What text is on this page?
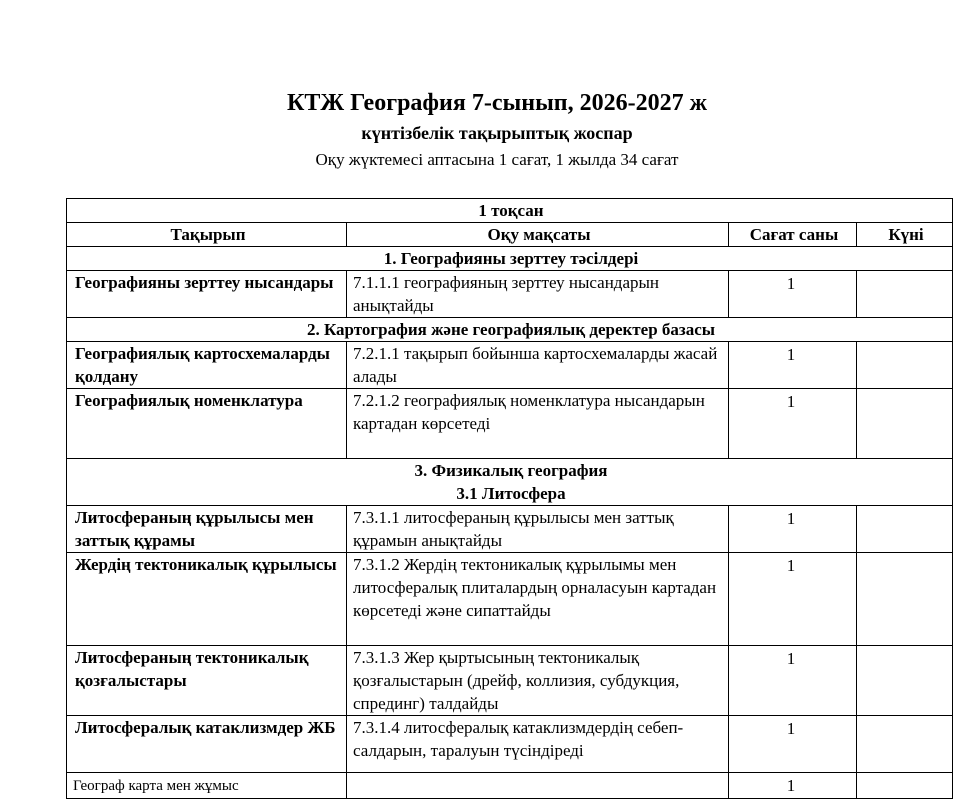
КТЖ География 7-сынып, 2026-2027 ж
күнтізбелік тақырыптық жоспар
Оқу жүктемесі аптасына 1 сағат, 1 жылда 34 сағат
1 тоқсан			
Тақырып	Оқу мақсаты	Сағат саны	Күні
1. Географияны зерттеу тәсілдері			
Географияны зерттеу нысандары	7.1.1.1 географияның зерттеу нысандарын анықтайды	1	
2. Картография және географиялық деректер базасы			
Географиялық картосхемаларды қолдану	7.2.1.1 тақырып бойынша картосхемаларды жасай алады	1	
Географиялық номенклатура	7.2.1.2 географиялық номенклатура нысандарын картадан көрсетеді	1	

3. Физикалық география
3.1 Литосфера			

Литосфераның құрылысы мен заттық құрамы	7.3.1.1 литосфераның құрылысы мен заттық құрамын анықтайды	1	
Жердің тектоникалық құрылысы	7.3.1.2 Жердің тектоникалық құрылымы мен литосфералық плиталардың орналасуын картадан көрсетеді және сипаттайды	1	
Литосфераның тектоникалық қозғалыстары	7.3.1.3 Жер қыртысының тектоникалық қозғалыстарын (дрейф, коллизия, субдукция, спрединг) талдайды	1	
Литосфералық катаклизмдер ЖБ	7.3.1.4 литосфералық катаклизмдердің себеп-салдарын, таралуын түсіндіреді	1	
Географ карта мен жұмыс		1	
